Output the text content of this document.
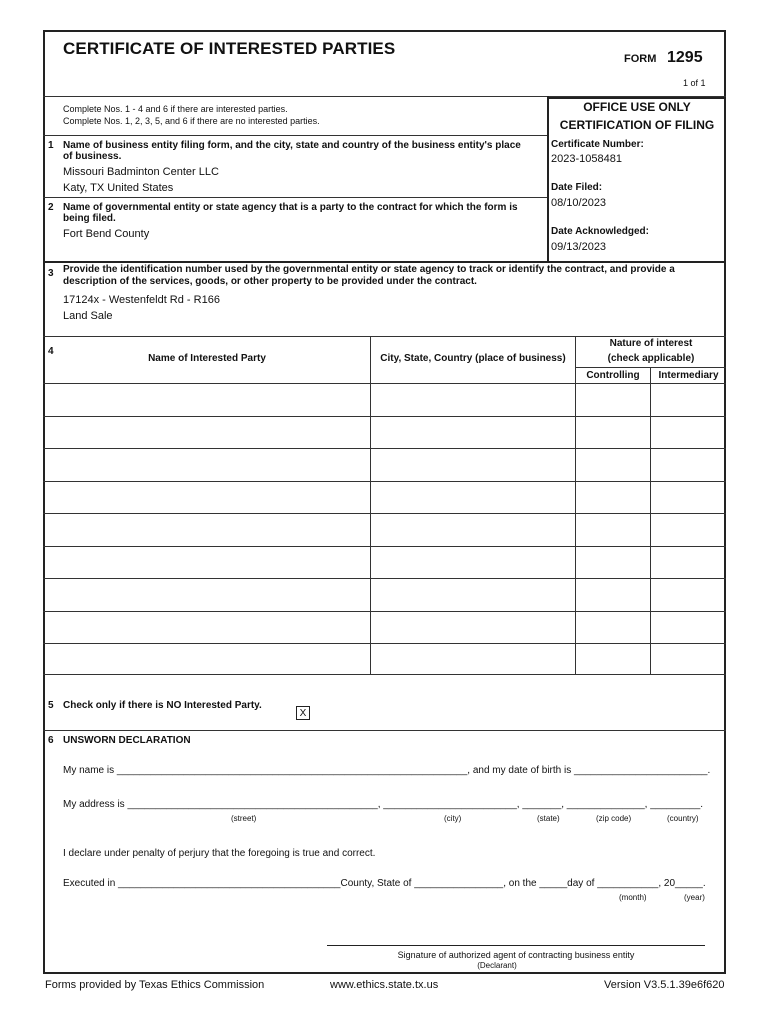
CERTIFICATE OF INTERESTED PARTIES
FORM 1295
1 of 1
Complete Nos. 1 - 4 and 6 if there are interested parties.
Complete Nos. 1, 2, 3, 5, and 6 if there are no interested parties.
OFFICE USE ONLY
CERTIFICATION OF FILING
Certificate Number:
2023-1058481
Date Filed:
08/10/2023
Date Acknowledged:
09/13/2023
1 Name of business entity filing form, and the city, state and country of the business entity's place
of business.
Missouri Badminton Center LLC
Katy, TX United States
2 Name of governmental entity or state agency that is a party to the contract for which the form is
being filed.
Fort Bend County
3 Provide the identification number used by the governmental entity or state agency to track or identify the contract, and provide a
description of the services, goods, or other property to be provided under the contract.
17124x - Westenfeldt Rd - R166
Land Sale
4
Name of Interested Party	City, State, Country (place of business)
Nature of interest
(check applicable)
Controlling	Intermediary
5 Check only if there is NO Interested Party.
X
6 UNSWORN DECLARATION
My name is _______________________________________________________________, and my date of birth is ________________________.
My address is _____________________________________________, ________________________, _______, ______________, _________.
(street)	(city)	(state)	(zip code)	(country)
I declare under penalty of perjury that the foregoing is true and correct.
Executed in ________________________________________County, State of ________________, on the _____day of ___________, 20_____.
(month)	(year)
Signature of authorized agent of contracting business entity
(Declarant)
Forms provided by Texas Ethics Commission	www.ethics.state.tx.us	Version V3.5.1.39e6f620
